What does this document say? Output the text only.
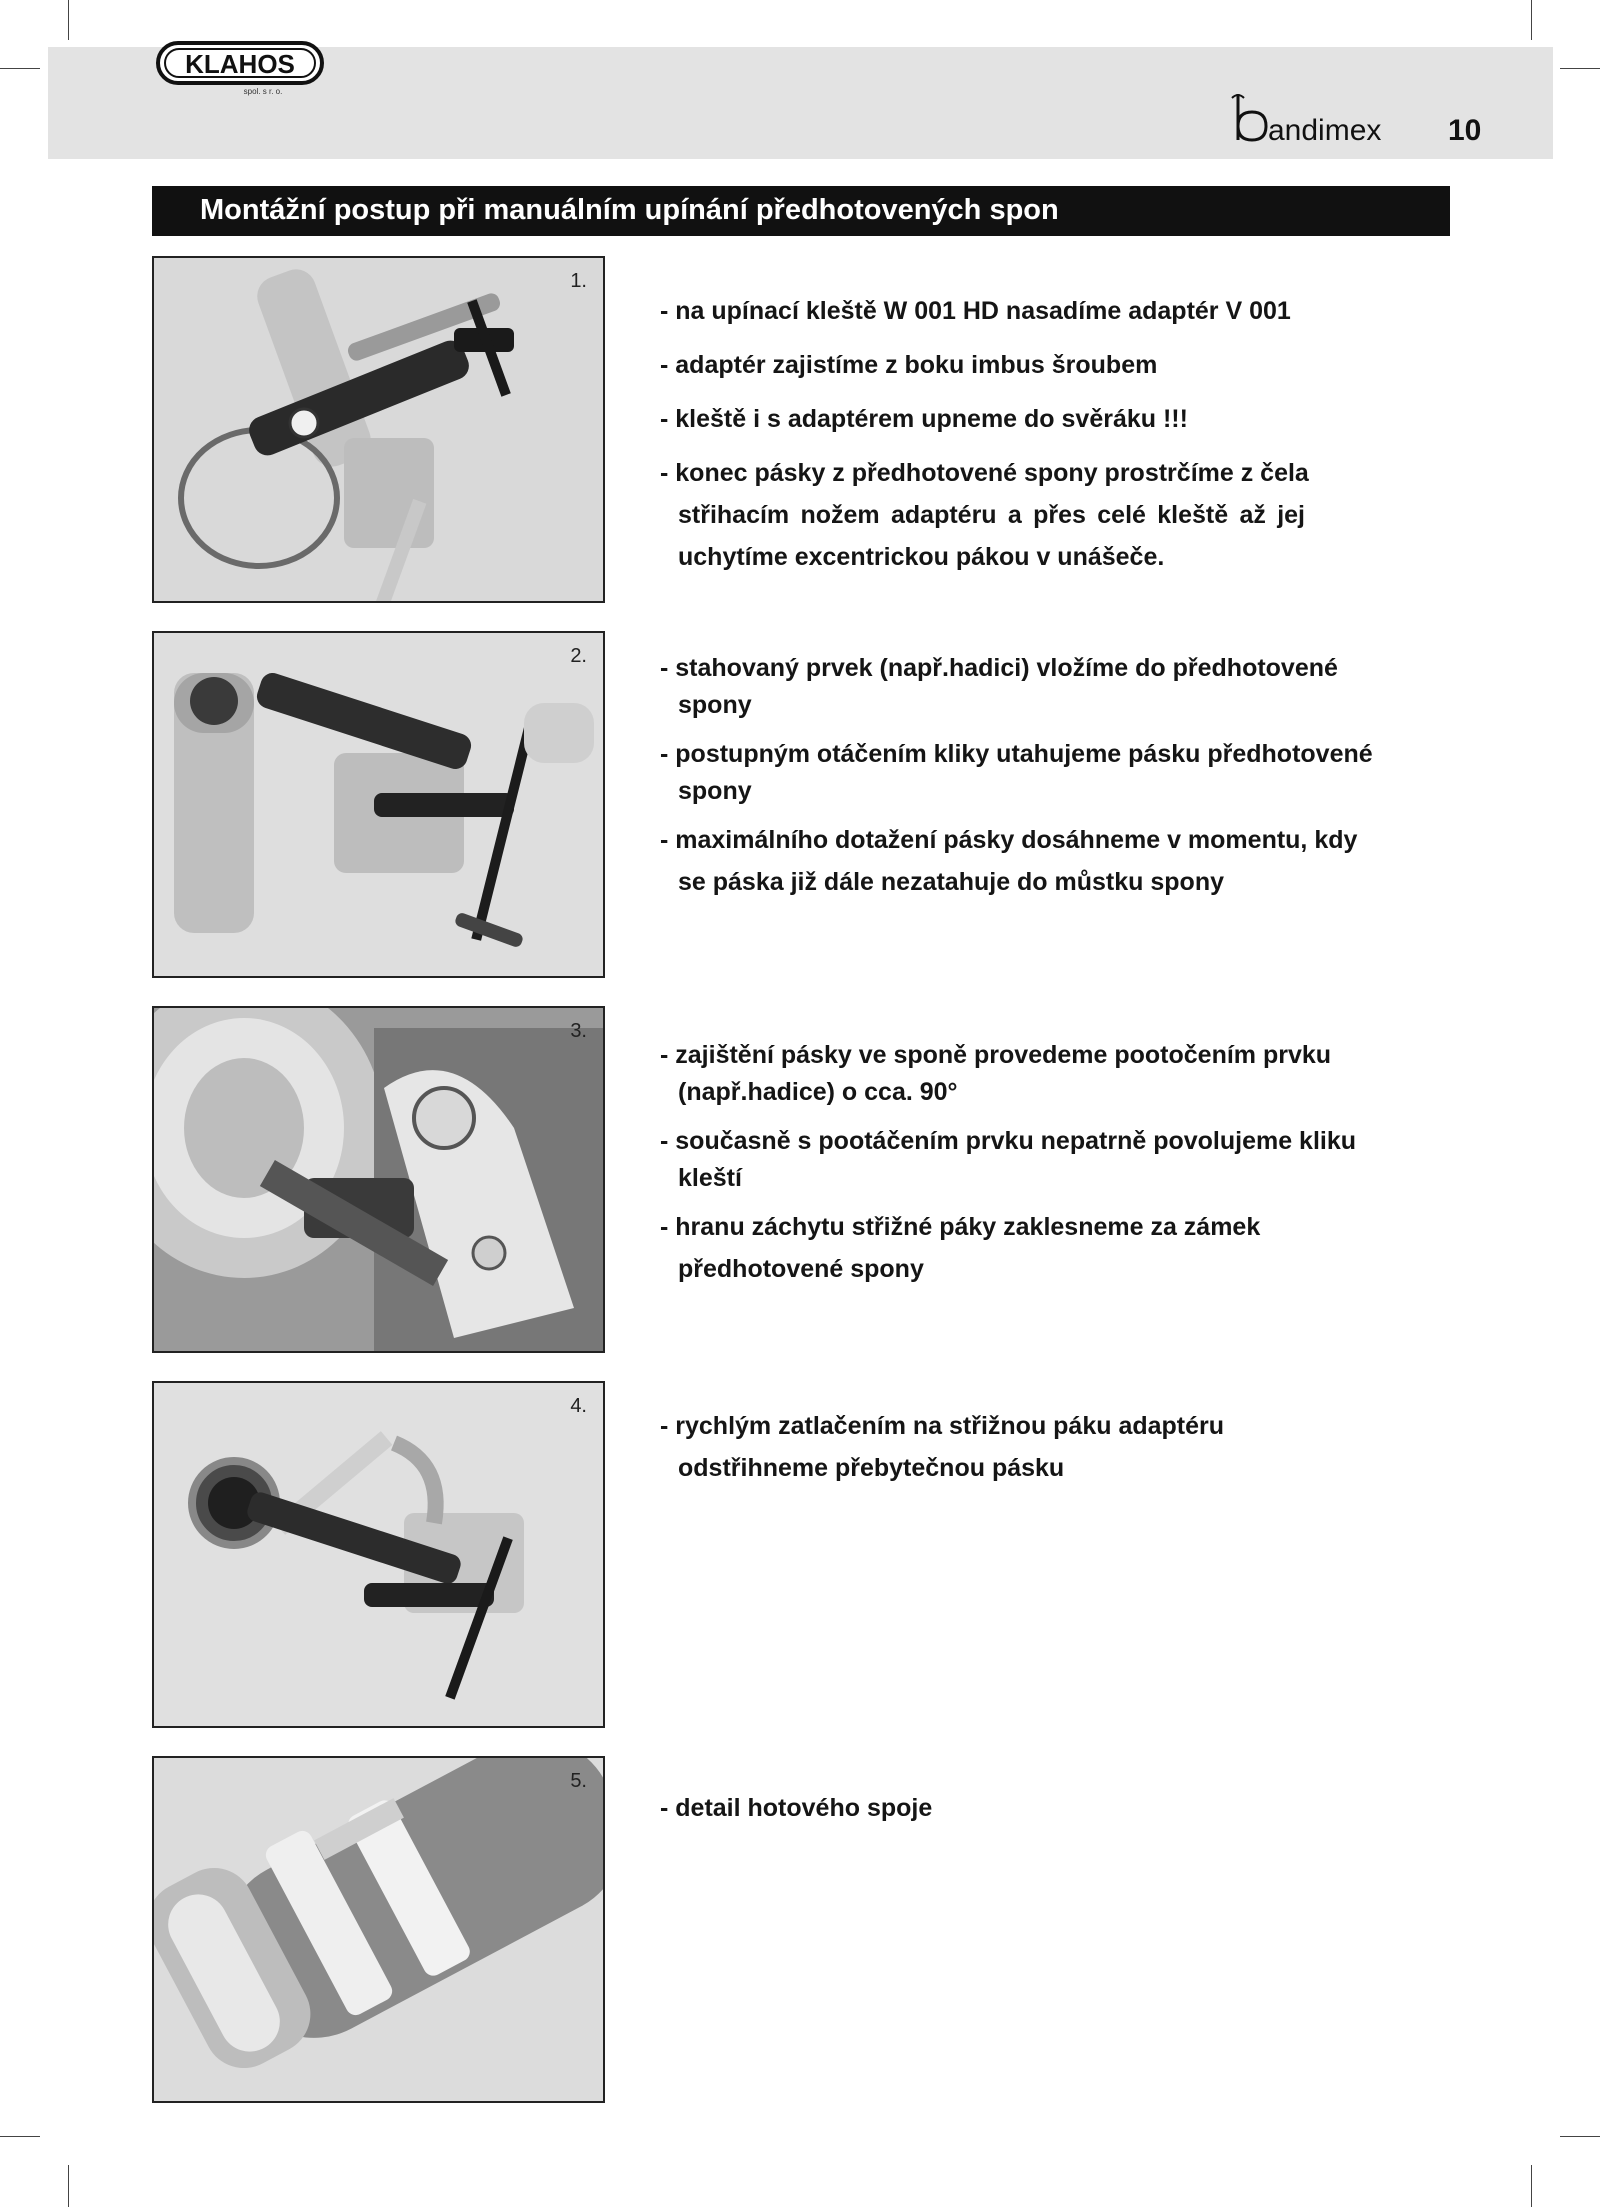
KLAHOS
spol. s r. o.
andimex 10
Montážní postup při manuálním upínání předhotovených spon
1.

- na upínací kleště W 001 HD nasadíme adaptér V 001

- adaptér zajistíme z boku imbus šroubem

- kleště i s adaptérem upneme do svěráku !!!

- konec pásky z předhotovené spony prostrčíme z čela

střihacím nožem adaptéru a přes celé kleště až jej

uchytíme excentrickou pákou v unášeče.

2.	- stahovaný prvek (např.hadici) vložíme do předhotovené

spony

- postupným otáčením kliky utahujeme pásku předhotovené

spony

- maximálního dotažení pásky dosáhneme v momentu, kdy

se páska již dále nezatahuje do můstku spony

3.

- zajištění pásky ve sponě provedeme pootočením prvku

(např.hadice) o cca. 90°

- současně s pootáčením prvku nepatrně povolujeme kliku

kleští

- hranu záchytu střižné páky zaklesneme za zámek

předhotovené spony

4.

- rychlým zatlačením na střižnou páku adaptéru

odstřihneme přebytečnou pásku

5.

- detail hotového spoje
